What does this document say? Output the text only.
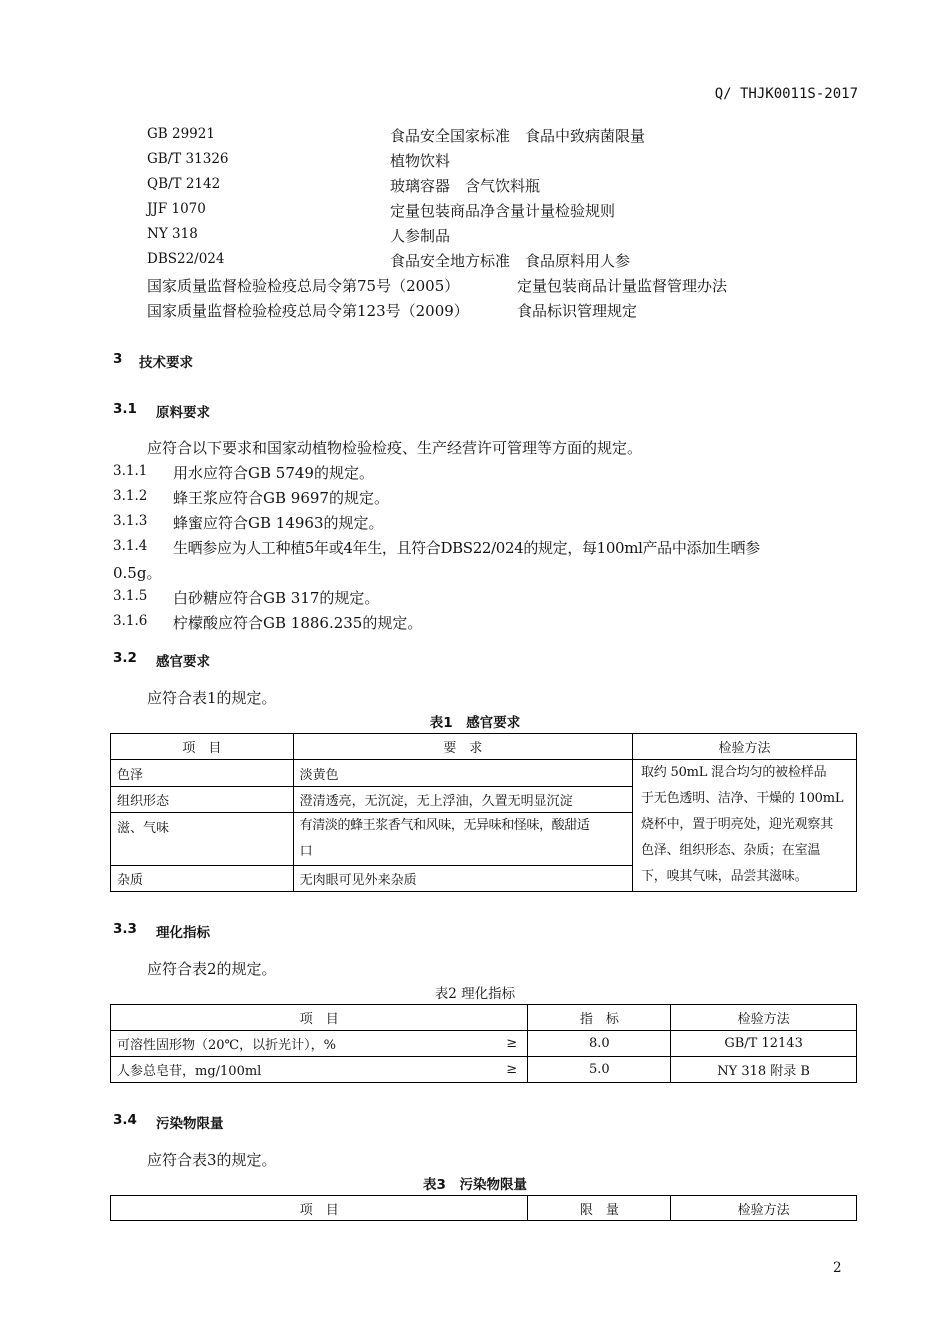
Q/ THJK0011S-2017
GB 29921	食品安全国家标准　食品中致病菌限量
GB/T 31326	植物饮料
QB/T 2142	玻璃容器　含气饮料瓶
JJF 1070	定量包装商品净含量计量检验规则
NY 318	人参制品
DBS22/024	食品安全地方标准　食品原料用人参
国家质量监督检验检疫总局令第75号（2005）	定量包装商品计量监督管理办法
国家质量监督检验检疫总局令第123号（2009）	食品标识管理规定
3 技术要求
3.1 原料要求
应符合以下要求和国家动植物检验检疫、生产经营许可管理等方面的规定。
3.1.1 用水应符合GB 5749的规定。
3.1.2 蜂王浆应符合GB 9697的规定。
3.1.3 蜂蜜应符合GB 14963的规定。
3.1.4 生晒参应为人工种植5年或4年生，且符合DBS22/024的规定，每100ml产品中添加生晒参
0.5g。
3.1.5 白砂糖应符合GB 317的规定。
3.1.6 柠檬酸应符合GB 1886.235的规定。
3.2 感官要求
应符合表1的规定。
表1　感官要求
项　目	要　求	检验方法
色泽	淡黄色	取约 50mL 混合均匀的被检样品
于无色透明、洁净、干燥的 100mL
烧杯中，置于明亮处，迎光观察其
色泽、组织形态、杂质；在室温
下，嗅其气味，品尝其滋味。

组织形态	澄清透亮，无沉淀，无上浮油，久置无明显沉淀	
滋、气味	有清淡的蜂王浆香气和风味，无异味和怪味，酸甜适
口	

杂质	无肉眼可见外来杂质	
3.3 理化指标
应符合表2的规定。
表2 理化指标
项　目		指　标	检验方法
可溶性固形物（20℃，以折光计），%	≥	8.0	GB/T 12143
人参总皂苷，mg/100ml	≥	5.0	NY 318 附录 B
3.4 污染物限量
应符合表3的规定。
表3　污染物限量
项　目	限　量	检验方法
2
